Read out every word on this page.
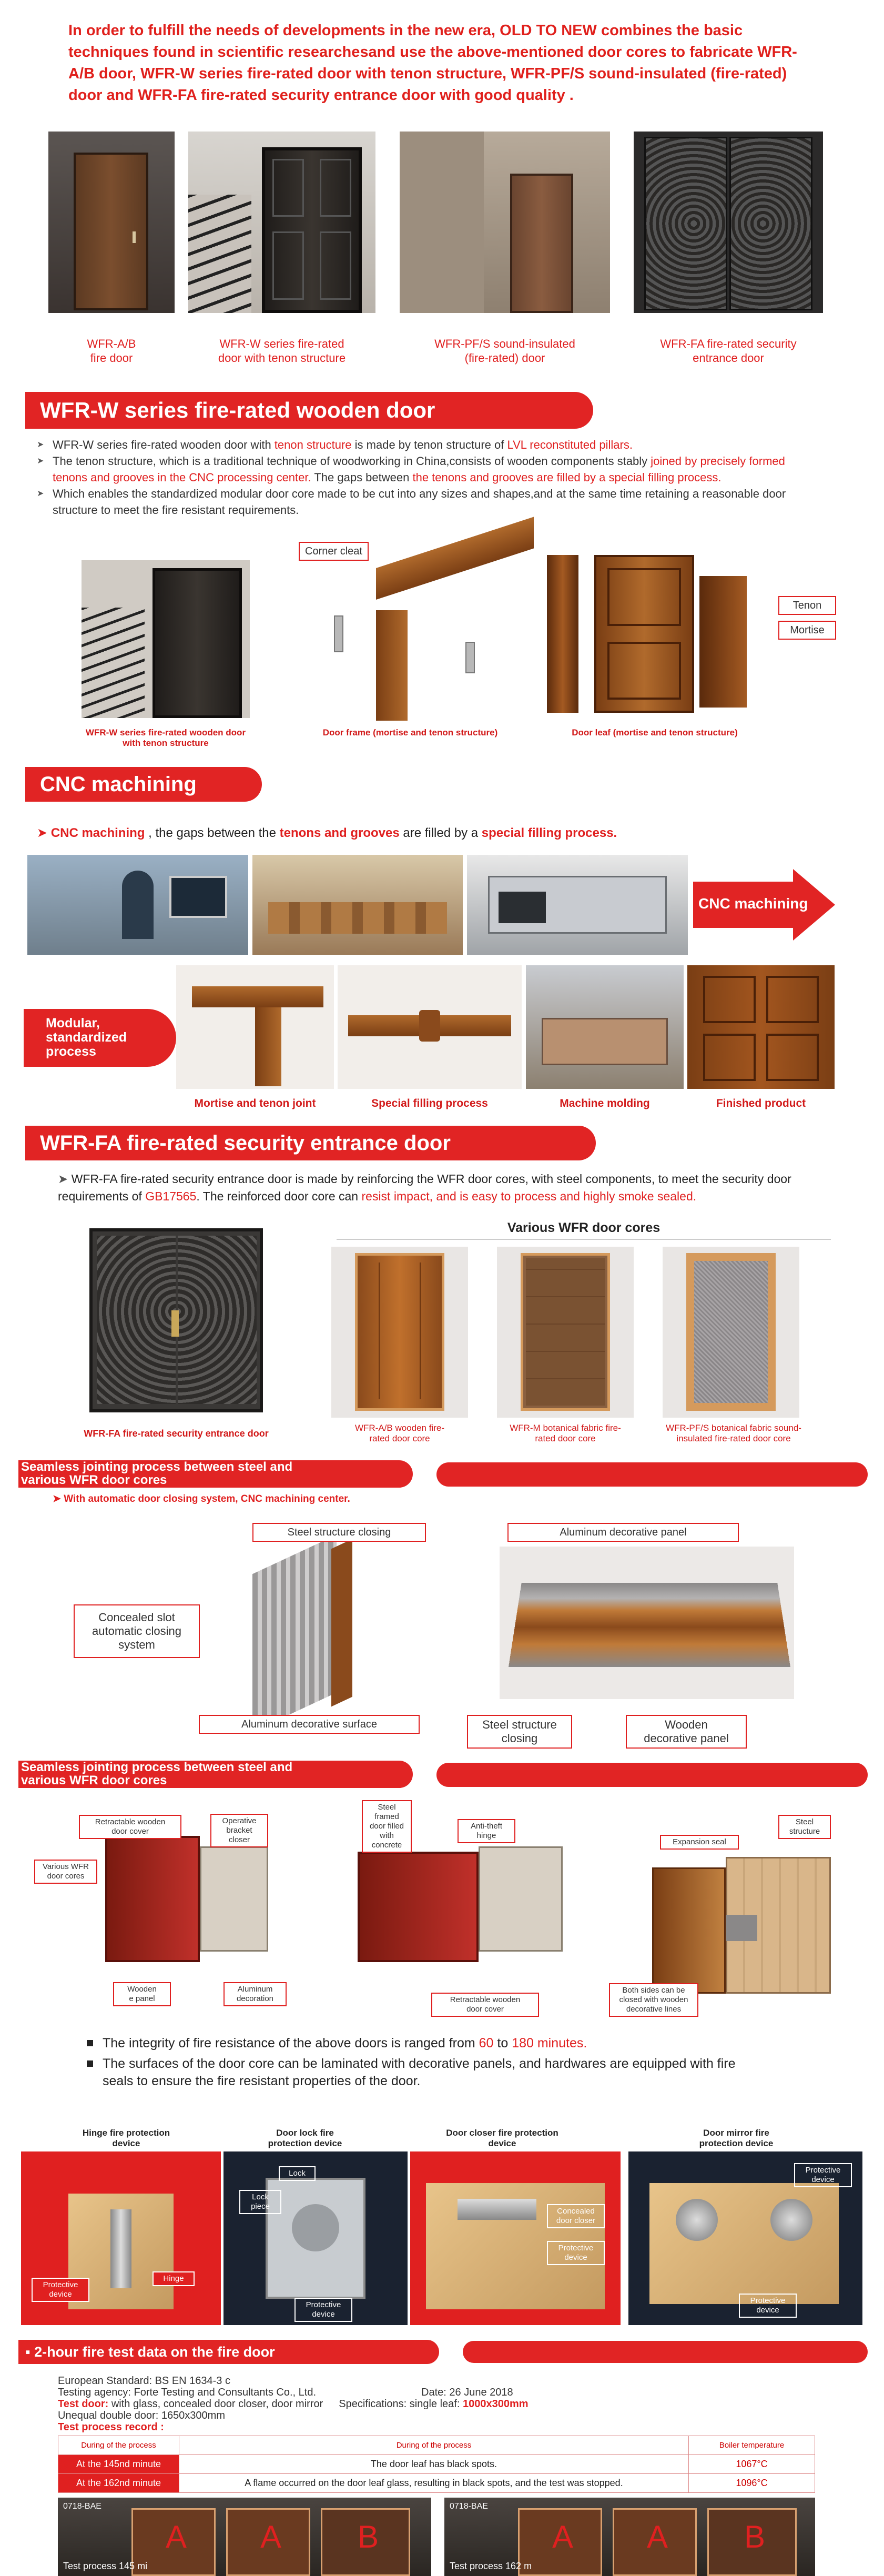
In order to fulfill the needs of developments in the new era, OLD TO NEW combines the basic techniques found in scientific researchesand use the above-mentioned door cores to fabricate WFR-A/B door, WFR-W series fire-rated door with tenon structure, WFR-PF/S sound-insulated (fire-rated) door and WFR-FA fire-rated security entrance door with good quality .
WFR-A/B
fire door
WFR-W series fire-rated
door with tenon structure
WFR-PF/S sound-insulated
(fire-rated) door
WFR-FA fire-rated security
entrance door
WFR-W series fire-rated wooden door
➤ WFR-W series fire-rated wooden door with tenon structure is made by tenon structure of LVL reconstituted pillars.
➤ The tenon structure, which is a traditional technique of woodworking in China,consists of wooden components stably joined by precisely formed tenons and grooves in the CNC processing center. The gaps between the tenons and grooves are filled by a special filling process.
➤ Which enables the standardized modular door core made to be cut into any sizes and shapes,and at the same time retaining a reasonable door structure to meet the fire resistant requirements.
WFR-W series fire-rated wooden door
with tenon structure
Corner cleat
Door frame (mortise and tenon structure)
Tenon
Mortise
Door leaf (mortise and tenon structure)
CNC machining
➤ CNC machining , the gaps between the tenons and grooves are filled by a special filling process.
CNC machining
Modular,
standardized
process
Mortise and tenon joint	Special filling process	Machine molding	Finished product
WFR-FA fire-rated security entrance door
➤ WFR-FA fire-rated security entrance door is made by reinforcing the WFR door cores, with steel components, to meet the security door requirements of GB17565. The reinforced door core can resist impact, and is easy to process and highly smoke sealed.
WFR-FA fire-rated security entrance door
Various WFR door cores
WFR-A/B wooden fire-
rated door core
WFR-M botanical fabric fire-
rated door core
WFR-PF/S botanical fabric sound-
insulated fire-rated door core
Seamless jointing process between steel and
various WFR door cores
➤ With automatic door closing system, CNC machining center.
Steel structure closing
Concealed slot
automatic closing
system
Aluminum decorative surface
Aluminum decorative panel
Steel structure
closing
Wooden
decorative panel
Seamless jointing process between steel and
various WFR door cores
Retractable wooden
door cover
Operative
bracket
closer
Various WFR
door cores
Wooden
e panel
Aluminum
decoration
Steel
framed
door filled
with
concrete
Anti-theft
hinge
Retractable wooden
door cover
Expansion seal
Steel
structure
Both sides can be
closed with wooden
decorative lines
The integrity of fire resistance of the above doors is ranged from 60 to 180 minutes.
The surfaces of the door core can be laminated with decorative panels, and hardwares are equipped with fire seals to ensure the fire resistant properties of the door.
Hinge fire protection
device
Door lock fire
protection device
Door closer fire protection
device
Door mirror fire
protection device
Protective device
Hinge
Lock
Lock piece
Protective device
Concealed door closer
Protective device
Protective device
Protective device
▪ 2-hour fire test data on the fire door
European Standard: BS EN 1634-3 c
Testing agency: Forte Testing and Consultants Co., Ltd.	Date: 26 June 2018
Test door: with glass, concealed door closer, door mirror Specifications: single leaf: 1000x300mm
Unequal double door: 1650x300mm
Test process record :
During of the process	During of the process	Boiler temperature
At the 145nd minute	The door leaf has black spots.	1067°C
At the 162nd minute	A flame occurred on the door leaf glass, resulting in black spots, and the test was stopped.	1096°C
0718-BAE
Test process 145 mi
A A B
0718-BAE
Test process 162 m
A A B
